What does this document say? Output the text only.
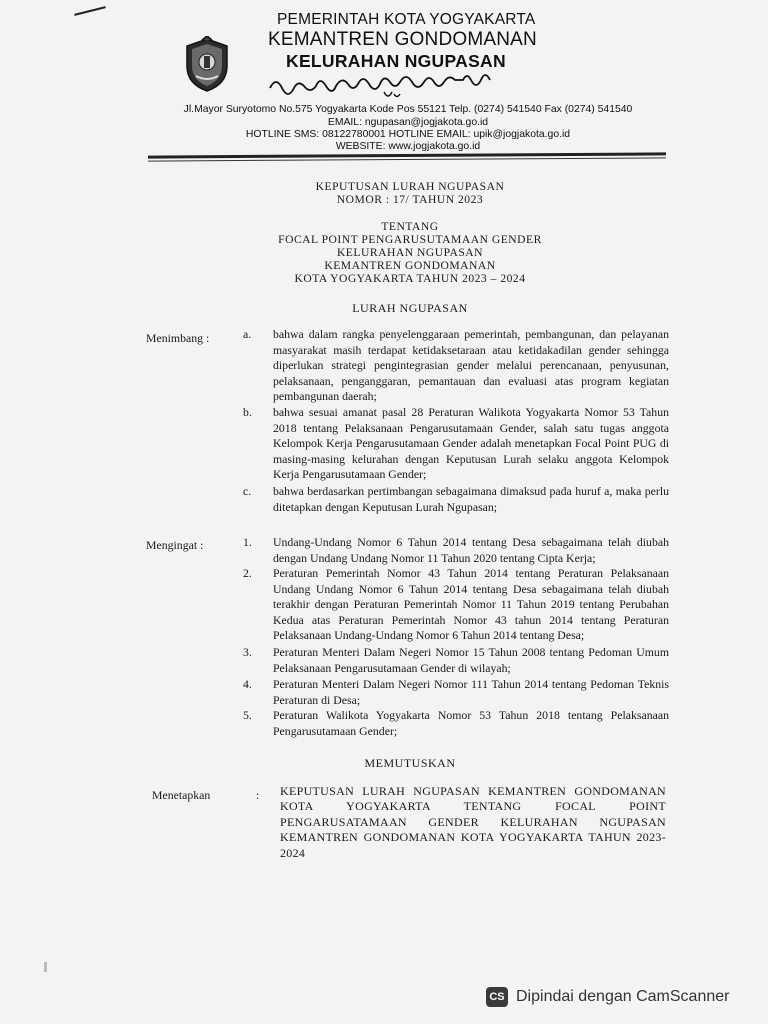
PEMERINTAH KOTA YOGYAKARTA
KEMANTREN GONDOMANAN
KELURAHAN NGUPASAN
Jl.Mayor Suryotomo No.575 Yogyakarta Kode Pos 55121 Telp. (0274) 541540 Fax (0274) 541540
EMAIL: ngupasan@jogjakota.go.id
HOTLINE SMS: 08122780001 HOTLINE EMAIL: upik@jogjakota.go.id
WEBSITE: www.jogjakota.go.id
KEPUTUSAN LURAH NGUPASAN
NOMOR : 17/ TAHUN 2023
TENTANG
FOCAL POINT PENGARUSUTAMAAN GENDER
KELURAHAN NGUPASAN
KEMANTREN GONDOMANAN
KOTA YOGYAKARTA TAHUN 2023 – 2024
LURAH NGUPASAN
Menimbang :	a.	bahwa dalam rangka penyelenggaraan pemerintah, pembangunan, dan pelayanan masyarakat masih terdapat ketidaksetaraan atau ketidakadilan gender sehingga diperlukan strategi pengintegrasian gender melalui perencanaan, penyusunan, pelaksanaan, penganggaran, pemantauan dan evaluasi atas program kegiatan pembangunan daerah;
b.	bahwa sesuai amanat pasal 28 Peraturan Walikota Yogyakarta Nomor 53 Tahun 2018 tentang Pelaksanaan Pengarusutamaan Gender, salah satu tugas anggota Kelompok Kerja Pengarusutamaan Gender adalah menetapkan Focal Point PUG di masing-masing kelurahan dengan Keputusan Lurah selaku anggota Kelompok Kerja Pengarusutamaan Gender;
c.	bahwa berdasarkan pertimbangan sebagaimana dimaksud pada huruf a, maka perlu ditetapkan dengan Keputusan Lurah Ngupasan;
Mengingat :	1.	Undang-Undang Nomor 6 Tahun 2014 tentang Desa sebagaimana telah diubah dengan Undang Undang Nomor 11 Tahun 2020 tentang Cipta Kerja;
2.	Peraturan Pemerintah Nomor 43 Tahun 2014 tentang Peraturan Pelaksanaan Undang Undang Nomor 6 Tahun 2014 tentang Desa sebagaimana telah diubah terakhir dengan Peraturan Pemerintah Nomor 11 Tahun 2019 tentang Perubahan Kedua atas Peraturan Pemerintah Nomor 43 tahun 2014 tentang Peraturan Pelaksanaan Undang-Undang Nomor 6 Tahun 2014 tentang Desa;
3.	Peraturan Menteri Dalam Negeri Nomor 15 Tahun 2008 tentang Pedoman Umum Pelaksanaan Pengarusutamaan Gender di wilayah;
4.	Peraturan Menteri Dalam Negeri Nomor 111 Tahun 2014 tentang Pedoman Teknis Peraturan di Desa;
5.	Peraturan Walikota Yogyakarta Nomor 53 Tahun 2018 tentang Pelaksanaan Pengarusutamaan Gender;
MEMUTUSKAN
Menetapkan	: KEPUTUSAN LURAH NGUPASAN KEMANTREN GONDOMANAN KOTA YOGYAKARTA TENTANG FOCAL POINT PENGARUSATAMAAN GENDER KELURAHAN NGUPASAN KEMANTREN GONDOMANAN KOTA YOGYAKARTA TAHUN 2023-2024
CS Dipindai dengan CamScanner
